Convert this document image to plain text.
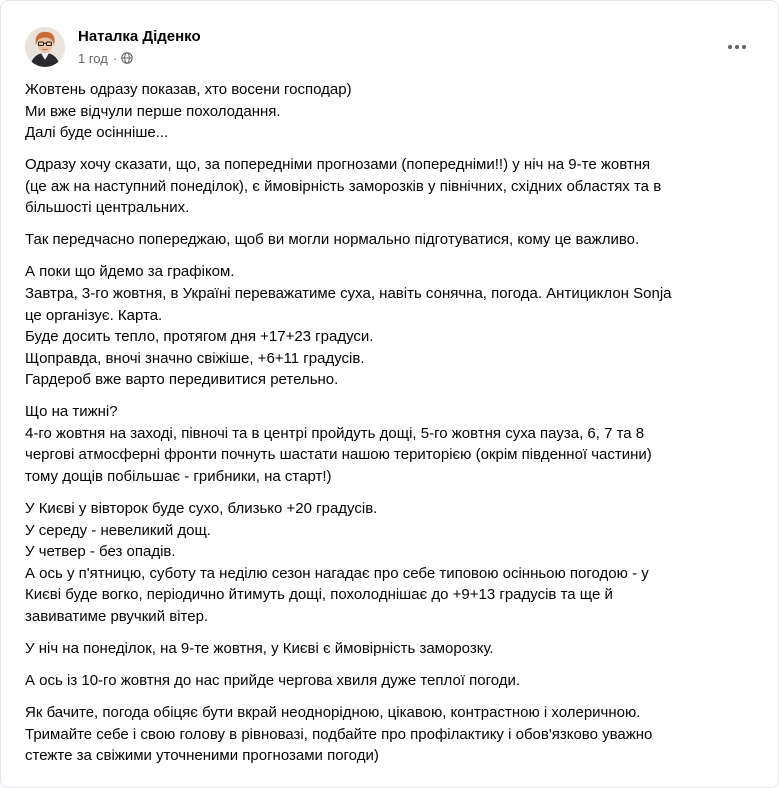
Наталка Діденко
1 год ·

Жовтень одразу показав, хто восени господар)
Ми вже відчули перше похолодання.
Далі буде осінніше...

Одразу хочу сказати, що, за попередніми прогнозами (попередніми!!) у ніч на 9-те жовтня
(це аж на наступний понеділок), є ймовірність заморозків у північних, східних областях та в
більшості центральних.

Так передчасно попереджаю, щоб ви могли нормально підготуватися, кому це важливо.

А поки що йдемо за графіком.
Завтра, 3-го жовтня, в Україні переважатиме суха, навіть сонячна, погода. Антициклон Sonja
це організує. Карта.
Буде досить тепло, протягом дня +17+23 градуси.
Щоправда, вночі значно свіжіше, +6+11 градусів.
Гардероб вже варто передивитися ретельно.

Що на тижні?
4-го жовтня на заході, півночі та в центрі пройдуть дощі, 5-го жовтня суха пауза, 6, 7 та 8
чергові атмосферні фронти почнуть шастати нашою територією (окрім південної частини)
тому дощів побільшає - грибники, на старт!)

У Києві у вівторок буде сухо, близько +20 градусів.
У середу - невеликий дощ.
У четвер - без опадів.
А ось у п'ятницю, суботу та неділю сезон нагадає про себе типовою осінньою погодою - у
Києві буде вогко, періодично йтимуть дощі, похолоднішає до +9+13 градусів та ще й
завиватиме рвучкий вітер.

У ніч на понеділок, на 9-те жовтня, у Києві є ймовірність заморозку.

А ось із 10-го жовтня до нас прийде чергова хвиля дуже теплої погоди.

Як бачите, погода обіцяє бути вкрай неоднорідною, цікавою, контрастною і холеричною.
Тримайте себе і свою голову в рівновазі, подбайте про профілактику і обов'язково уважно
стежте за свіжими уточненими прогнозами погоди)
